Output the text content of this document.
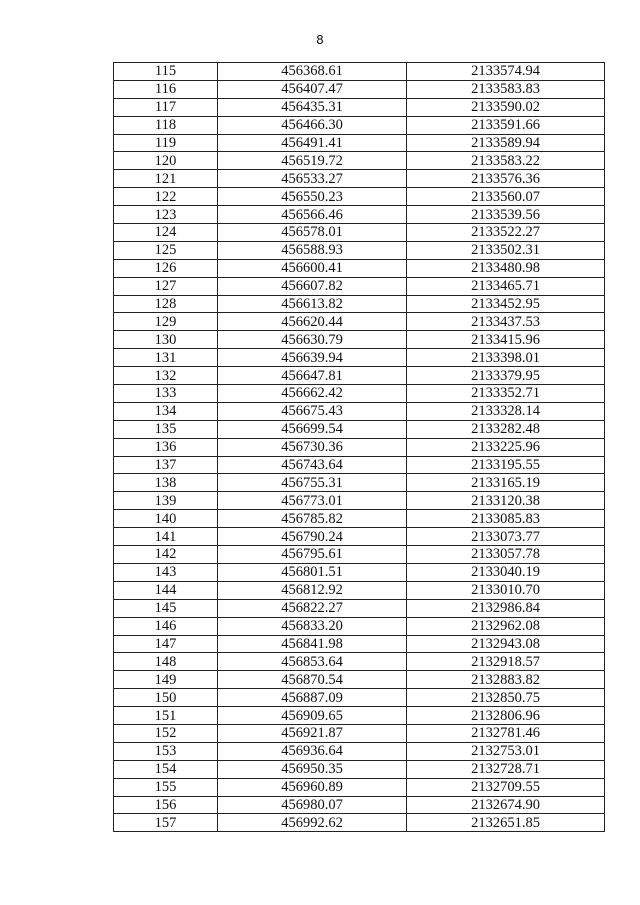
8
115	456368.61	2133574.94
116	456407.47	2133583.83
117	456435.31	2133590.02
118	456466.30	2133591.66
119	456491.41	2133589.94
120	456519.72	2133583.22
121	456533.27	2133576.36
122	456550.23	2133560.07
123	456566.46	2133539.56
124	456578.01	2133522.27
125	456588.93	2133502.31
126	456600.41	2133480.98
127	456607.82	2133465.71
128	456613.82	2133452.95
129	456620.44	2133437.53
130	456630.79	2133415.96
131	456639.94	2133398.01
132	456647.81	2133379.95
133	456662.42	2133352.71
134	456675.43	2133328.14
135	456699.54	2133282.48
136	456730.36	2133225.96
137	456743.64	2133195.55
138	456755.31	2133165.19
139	456773.01	2133120.38
140	456785.82	2133085.83
141	456790.24	2133073.77
142	456795.61	2133057.78
143	456801.51	2133040.19
144	456812.92	2133010.70
145	456822.27	2132986.84
146	456833.20	2132962.08
147	456841.98	2132943.08
148	456853.64	2132918.57
149	456870.54	2132883.82
150	456887.09	2132850.75
151	456909.65	2132806.96
152	456921.87	2132781.46
153	456936.64	2132753.01
154	456950.35	2132728.71
155	456960.89	2132709.55
156	456980.07	2132674.90
157	456992.62	2132651.85
